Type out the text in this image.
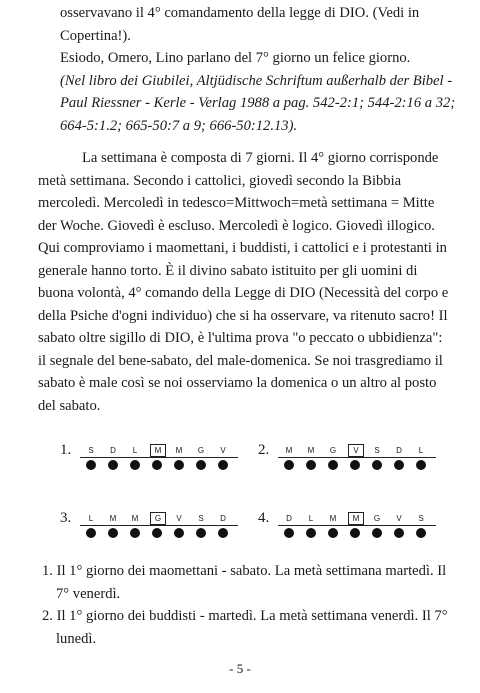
osservavano il 4° comandamento della legge di DIO. (Vedi in
Copertina!).
Esiodo, Omero, Lino parlano del 7° giorno un felice giorno.
(Nel libro dei Giubilei, Altjüdische Schriftum außerhalb der Bibel -
Paul Riessner - Kerle - Verlag 1988 a pag. 542-2:1; 544-2:16 a 32;
664-5:1.2; 665-50:7 a 9; 666-50:12.13).
La settimana è composta di 7 giorni. Il 4° giorno corrisponde
metà settimana. Secondo i cattolici, giovedì secondo la Bibbia
mercoledì. Mercoledì in tedesco=Mittwoch=metà settimana = Mitte
der Woche. Giovedì è escluso. Mercoledì è logico. Giovedì illogico.
Qui comproviamo i maomettani, i buddisti, i cattolici e i protestanti in
generale hanno torto. È il divino sabato istituito per gli uomini di
buona volontà, 4° comando della Legge di DIO (Necessità del corpo e
della Psiche d'ogni individuo) che si ha osservare, va ritenuto sacro! Il
sabato oltre sigillo di DIO, è l'ultima prova "o peccato o ubbidienza":
il segnale del bene-sabato, del male-domenica. Se noi trasgrediamo il
sabato è male così se noi osserviamo la domenica o un altro al posto
del sabato.
1.	S	D	L	M	M	G	V 2.	M	M	G	V	S	D	L
3.	L	M	M	G	V	S	D 4.	D	L	M	M	G	V	S
1. Il 1° giorno dei maomettani - sabato. La metà settimana martedì. Il
7° venerdì.
2. Il 1° giorno dei buddisti - martedì. La metà settimana venerdì. Il 7°
lunedì.
- 5 -
